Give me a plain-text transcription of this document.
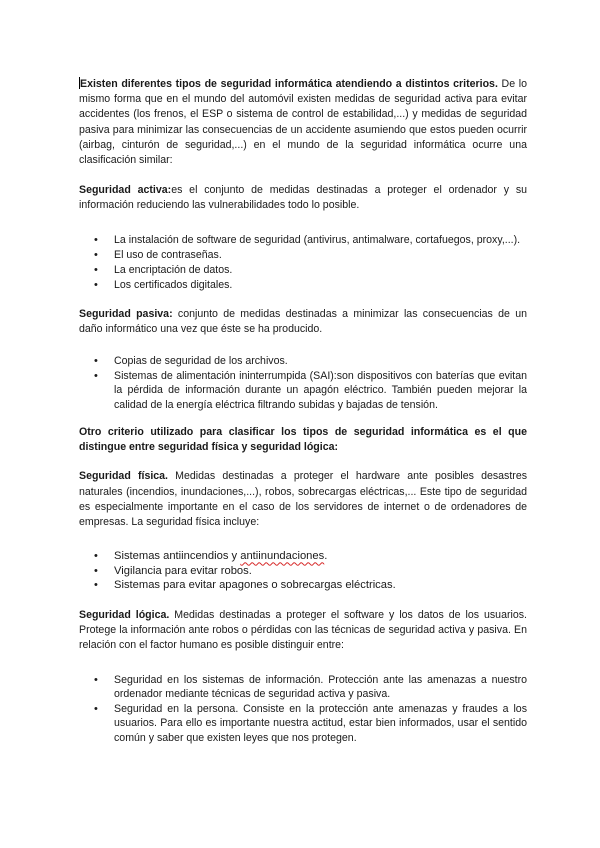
Existen diferentes tipos de seguridad informática atendiendo a distintos criterios. De lo mismo forma que en el mundo del automóvil existen medidas de seguridad activa para evitar accidentes (los frenos, el ESP o sistema de control de estabilidad,...) y medidas de seguridad pasiva para minimizar las consecuencias de un accidente asumiendo que estos pueden ocurrir (airbag, cinturón de seguridad,...) en el mundo de la seguridad informática ocurre una clasificación similar:

Seguridad activa:es el conjunto de medidas destinadas a proteger el ordenador y su información reduciendo las vulnerabilidades todo lo posible.

• La instalación de software de seguridad (antivirus, antimalware, cortafuegos, proxy,...).
• El uso de contraseñas.
• La encriptación de datos.
• Los certificados digitales.

Seguridad pasiva: conjunto de medidas destinadas a minimizar las consecuencias de un daño informático una vez que éste se ha producido.

• Copias de seguridad de los archivos.
• Sistemas de alimentación ininterrumpida (SAI):son dispositivos con baterías que evitan la pérdida de información durante un apagón eléctrico. También pueden mejorar la calidad de la energía eléctrica filtrando subidas y bajadas de tensión.

Otro criterio utilizado para clasificar los tipos de seguridad informática es el que distingue entre seguridad física y seguridad lógica:

Seguridad física. Medidas destinadas a proteger el hardware ante posibles desastres naturales (incendios, inundaciones,...), robos, sobrecargas eléctricas,... Este tipo de seguridad es especialmente importante en el caso de los servidores de internet o de ordenadores de empresas. La seguridad física incluye:

• Sistemas antiincendios y antiinundaciones.
• Vigilancia para evitar robos.
• Sistemas para evitar apagones o sobrecargas eléctricas.

Seguridad lógica. Medidas destinadas a proteger el software y los datos de los usuarios. Protege la información ante robos o pérdidas con las técnicas de seguridad activa y pasiva. En relación con el factor humano es posible distinguir entre:

• Seguridad en los sistemas de información. Protección ante las amenazas a nuestro ordenador mediante técnicas de seguridad activa y pasiva.
• Seguridad en la persona. Consiste en la protección ante amenazas y fraudes a los usuarios. Para ello es importante nuestra actitud, estar bien informados, usar el sentido común y saber que existen leyes que nos protegen.
